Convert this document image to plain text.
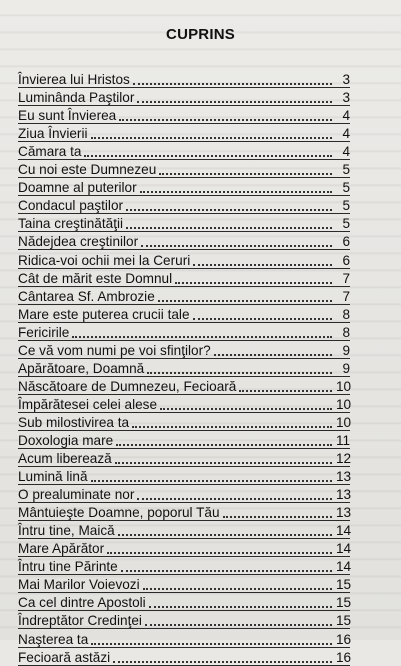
CUPRINS
Învierea lui Hristos	3
Luminânda Paştilor	3
Eu sunt Învierea	4
Ziua Învierii	4
Cămara ta	4
Cu noi este Dumnezeu	5
Doamne al puterilor	5
Condacul paştilor	5
Taina creştinătăţii	5
Nădejdea creştinilor	6
Ridica-voi ochii mei la Ceruri	6
Cât de mărit este Domnul	7
Cântarea Sf. Ambrozie	7
Mare este puterea crucii tale	8
Fericirile	8
Ce vă vom numi pe voi sfinţilor?	9
Apărătoare, Doamnă	9
Născătoare de Dumnezeu, Fecioară	10
Împărătesei celei alese	10
Sub milostivirea ta	10
Doxologia mare	11
Acum liberează	12
Lumină lină	13
O prealuminate nor	13
Mântuieşte Doamne, poporul Tău	13
Întru tine, Maică	14
Mare Apărător	14
Întru tine Părinte	14
Mai Marilor Voievozi	15
Ca cel dintre Apostoli	15
Îndreptător Credinţei	15
Naşterea ta	16
Fecioară astăzi	16
